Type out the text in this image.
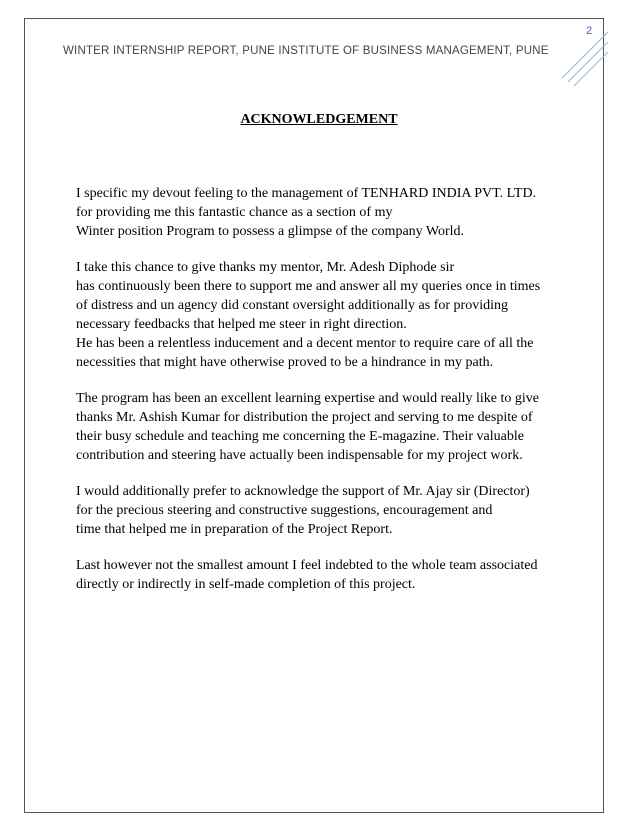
2
WINTER INTERNSHIP REPORT, PUNE INSTITUTE OF BUSINESS MANAGEMENT, PUNE
ACKNOWLEDGEMENT

I specific my devout feeling to the management of TENHARD INDIA PVT. LTD.
for providing me this fantastic chance as a section of my
Winter position Program to possess a glimpse of the company World.

I take this chance to give thanks my mentor, Mr. Adesh Diphode sir
has continuously been there to support me and answer all my queries once in times
of distress and un agency did constant oversight additionally as for providing
necessary feedbacks that helped me steer in right direction.
He has been a relentless inducement and a decent mentor to require care of all the
necessities that might have otherwise proved to be a hindrance in my path.

The program has been an excellent learning expertise and would really like to give
thanks Mr. Ashish Kumar for distribution the project and serving to me despite of
their busy schedule and teaching me concerning the E-magazine. Their valuable
contribution and steering have actually been indispensable for my project work.

I would additionally prefer to acknowledge the support of Mr. Ajay sir (Director)
for the precious steering and constructive suggestions, encouragement and
time that helped me in preparation of the Project Report.

Last however not the smallest amount I feel indebted to the whole team associated
directly or indirectly in self-made completion of this project.
